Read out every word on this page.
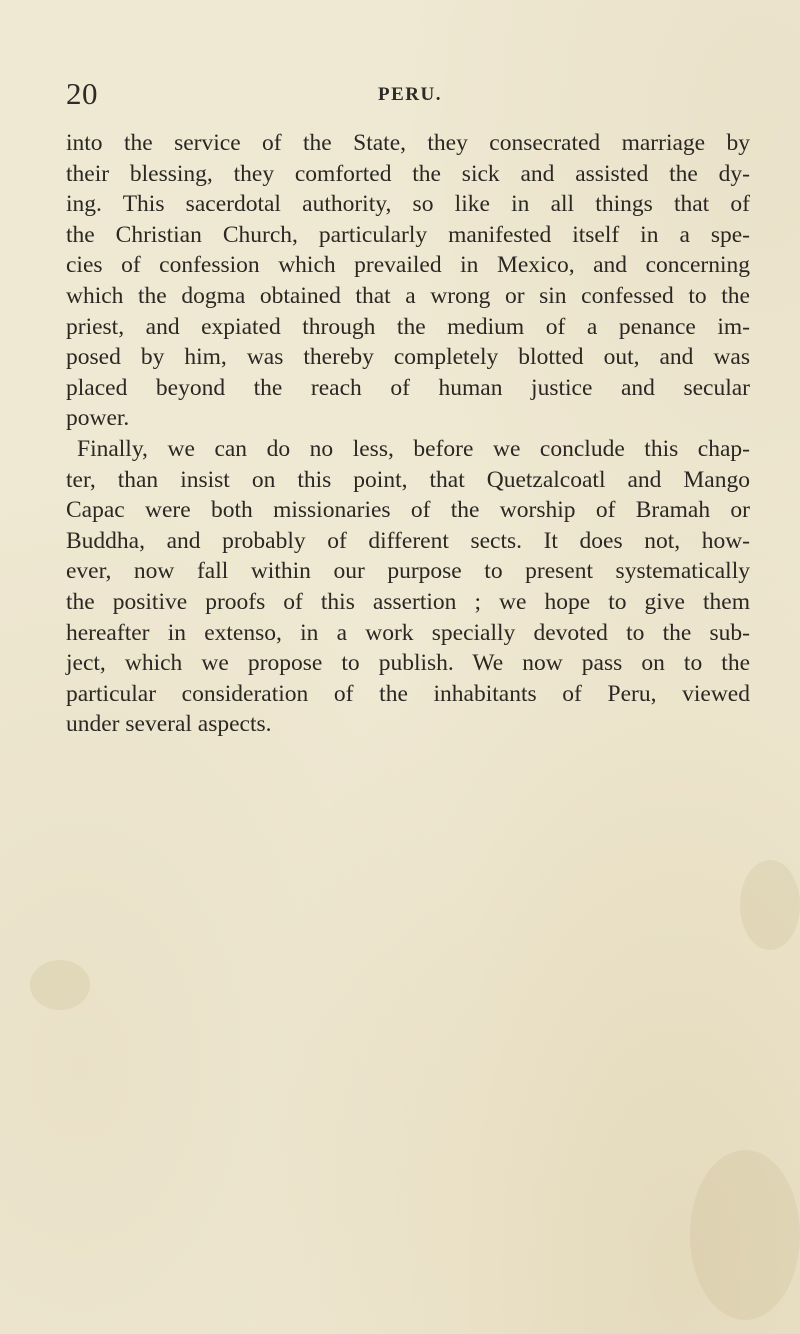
20	PERU.
into the service of the State, they consecrated marriage by
their blessing, they comforted the sick and assisted the dy-
ing. This sacerdotal authority, so like in all things that of
the Christian Church, particularly manifested itself in a spe-
cies of confession which prevailed in Mexico, and concerning
which the dogma obtained that a wrong or sin confessed to the
priest, and expiated through the medium of a penance im-
posed by him, was thereby completely blotted out, and was
placed beyond the reach of human justice and secular
power.
Finally, we can do no less, before we conclude this chap-
ter, than insist on this point, that Quetzalcoatl and Mango
Capac were both missionaries of the worship of Bramah or
Buddha, and probably of different sects. It does not, how-
ever, now fall within our purpose to present systematically
the positive proofs of this assertion ; we hope to give them
hereafter in extenso, in a work specially devoted to the sub-
ject, which we propose to publish. We now pass on to the
particular consideration of the inhabitants of Peru, viewed
under several aspects.
